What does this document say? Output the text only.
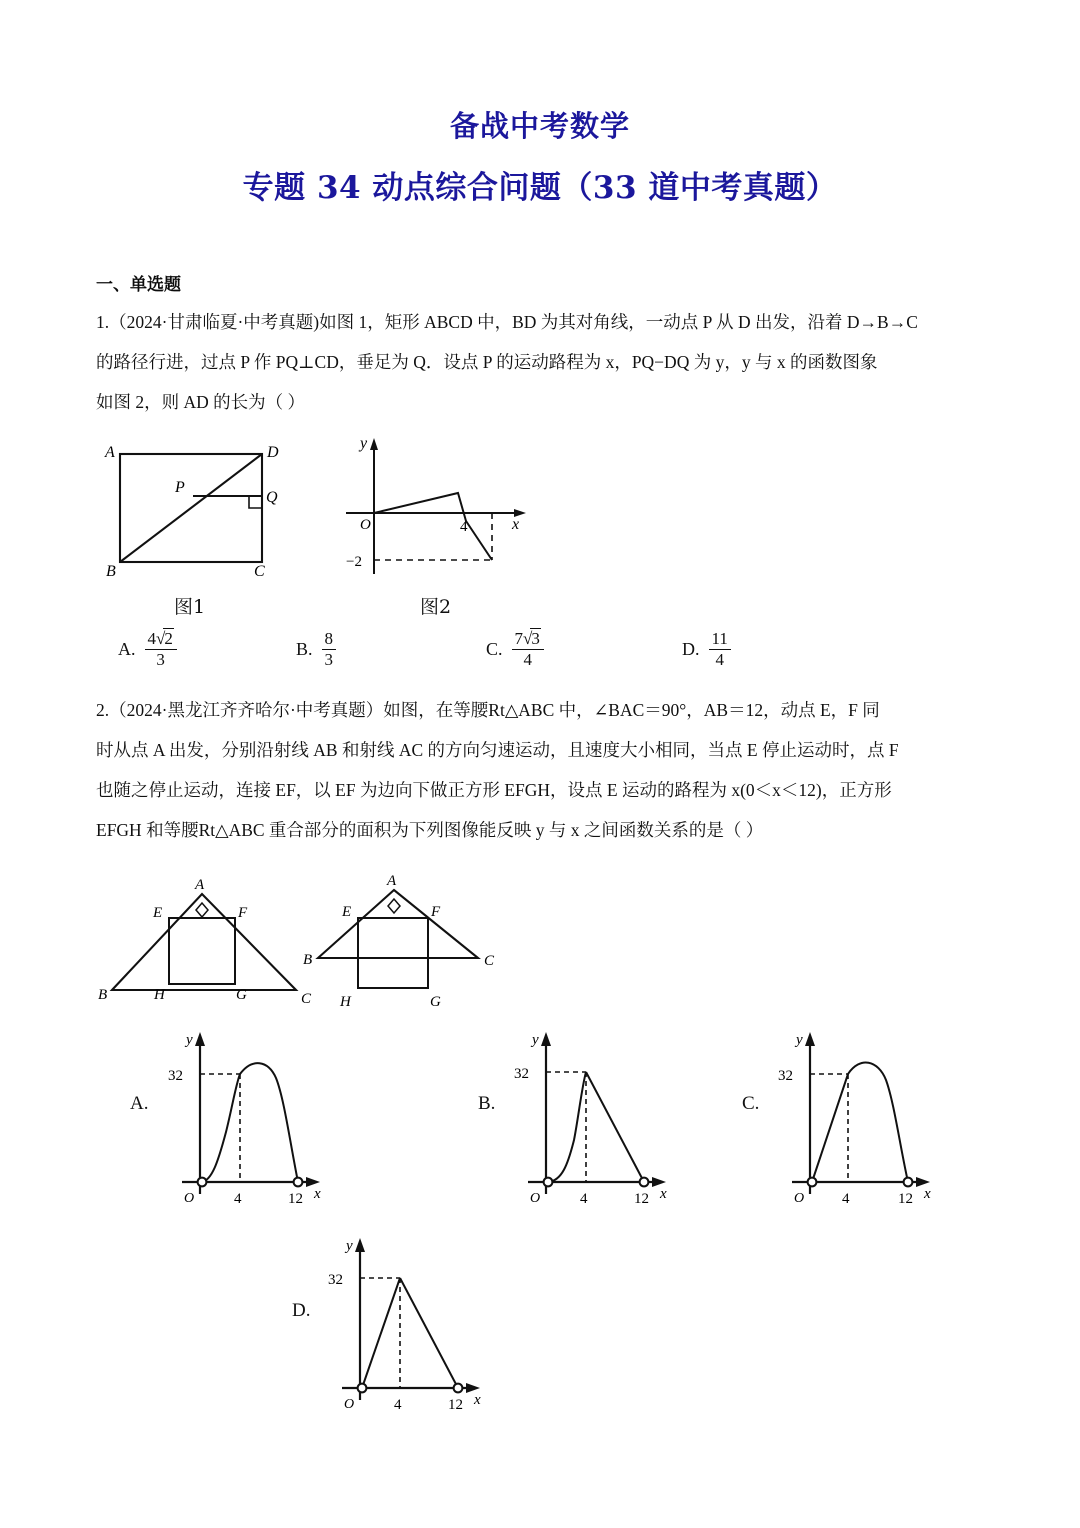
备战中考数学
专题 34 动点综合问题（33 道中考真题）
一、单选题
1.（2024·甘肃临夏·中考真题)如图 1，矩形 ABCD 中，BD 为其对角线，一动点 P 从 D 出发，沿着 D→B→C
的路径行进，过点 P 作 PQ⊥CD，垂足为 Q．设点 P 的运动路程为 x，PQ−DQ 为 y，y 与 x 的函数图象
如图 2，则 AD 的长为（ ）
A	D
B	C
P
Q
图1
y
x
O	4
−2
图2
A. $\frac{4√2}{3}$	B. $\frac{8}{3}$	C. $\frac{7√3}{4}$	D. $\frac{11}{4}$
2.（2024·黑龙江齐齐哈尔·中考真题）如图，在等腰Rt△ABC 中，∠BAC＝90°，AB＝12，动点 E，F 同
时从点 A 出发，分别沿射线 AB 和射线 AC 的方向匀速运动，且速度大小相同，当点 E 停止运动时，点 F
也随之停止运动，连接 EF，以 EF 为边向下做正方形 EFGH，设点 E 运动的路程为 x(0＜x＜12)，正方形
EFGH 和等腰Rt△ABC 重合部分的面积为下列图像能反映 y 与 x 之间函数关系的是（ ）
A
E	F
B	H	G	C
A
E	F
B	C
H	G
A.
y
x
O
32
4	12
B.
y
x
O
32
4	12
C.
y
x
O
32
4	12
D.
y
x
O
32
4	12
